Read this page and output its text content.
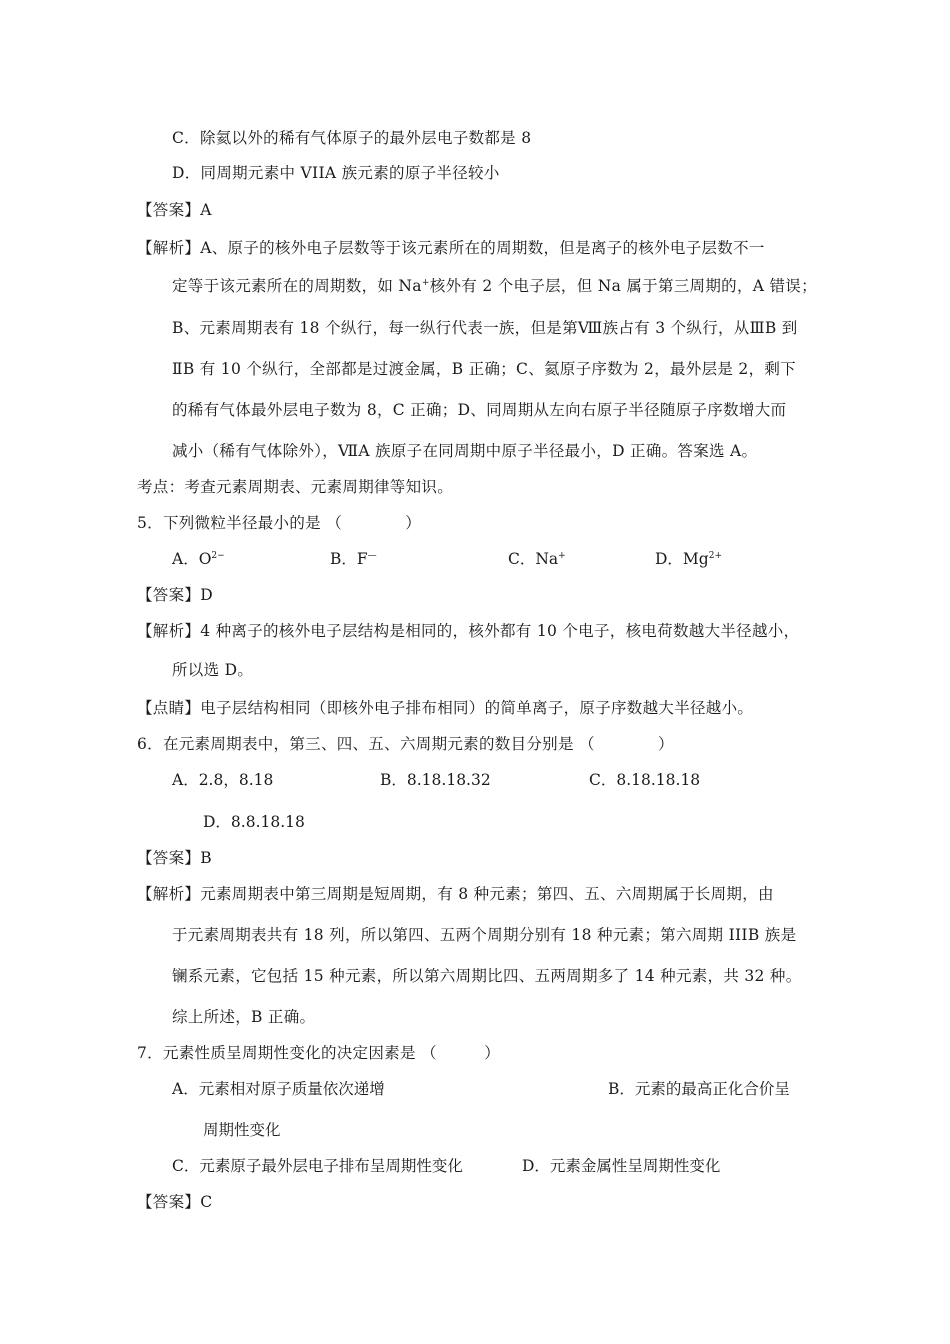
C．除氦以外的稀有气体原子的最外层电子数都是 8
D．同周期元素中 VIIA 族元素的原子半径较小
【答案】A
【解析】A、原子的核外电子层数等于该元素所在的周期数，但是离子的核外电子层数不一
定等于该元素所在的周期数，如 Na+核外有 2 个电子层，但 Na 属于第三周期的，A 错误；
B、元素周期表有 18 个纵行，每一纵行代表一族，但是第Ⅷ族占有 3 个纵行，从ⅢB 到
ⅡB 有 10 个纵行，全部都是过渡金属，B 正确；C、氦原子序数为 2，最外层是 2，剩下
的稀有气体最外层电子数为 8，C 正确；D、同周期从左向右原子半径随原子序数增大而
减小（稀有气体除外），ⅦA 族原子在同周期中原子半径最小，D 正确。答案选 A。
考点：考查元素周期表、元素周期律等知识。
5．下列微粒半径最小的是 （　　　　）
A．$O^{2-}$	B．F—	C．Na+	D．$Mg^{2+}$
【答案】D
【解析】4 种离子的核外电子层结构是相同的，核外都有 10 个电子，核电荷数越大半径越小，
所以选 D。
【点睛】电子层结构相同（即核外电子排布相同）的简单离子，原子序数越大半径越小。
6．在元素周期表中，第三、四、五、六周期元素的数目分别是 （　　　　）
A．2.8，8.18	B．8.18.18.32	C．8.18.18.18
D．8.8.18.18
【答案】B
【解析】元素周期表中第三周期是短周期，有 8 种元素；第四、五、六周期属于长周期，由
于元素周期表共有 18 列，所以第四、五两个周期分别有 18 种元素；第六周期 IIIB 族是
镧系元素，它包括 15 种元素，所以第六周期比四、五两周期多了 14 种元素，共 32 种。
综上所述，B 正确。
7．元素性质呈周期性变化的决定因素是 （　　　）
A．元素相对原子质量依次递增	B．元素的最高正化合价呈
周期性变化
C．元素原子最外层电子排布呈周期性变化	D．元素金属性呈周期性变化
【答案】C
